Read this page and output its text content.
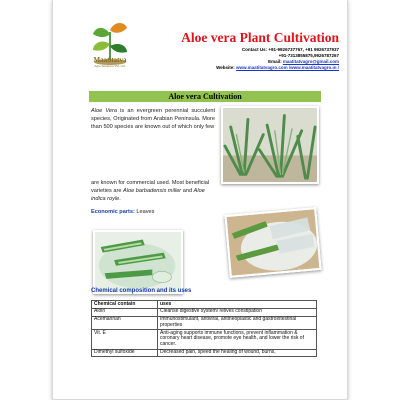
Maatitatva
Agro Solutions Pvt. Ltd.
Aloe vera Plant Cultivation
Contact Us: +91-9926737767, +91 9926737937
+91-7313855875,9926787267
Email: maatitatvagro@gmail.com
Website: www.maatitatvagro.com /www.maatitatvagro.in /
Aloe vera Cultivation
Aloe Vera is an evergreen perennial succulent species, Originated from Arabian Peninsula. More than 500 species are known out of which only few
are known for commercial used. Most beneficial varieties are Aloe barbadensis miller and Aloe indica royle.
Economic parts: Leaves
Chemical composition and its uses
Chemical contain	uses
Aloin	Cleanse digestive system/ relives constipation
Acemannan	Immunostimulant, antiviral, antineoplastic and gastrointestinal properties
Vit. E	Anti-aging supports immune functions, prevent inflammation & coronary heart disease, promote eye health, and lower the risk of cancer.
Dimethyl sulfoxide	Decreased pain, speed the healing of wound, burns,
